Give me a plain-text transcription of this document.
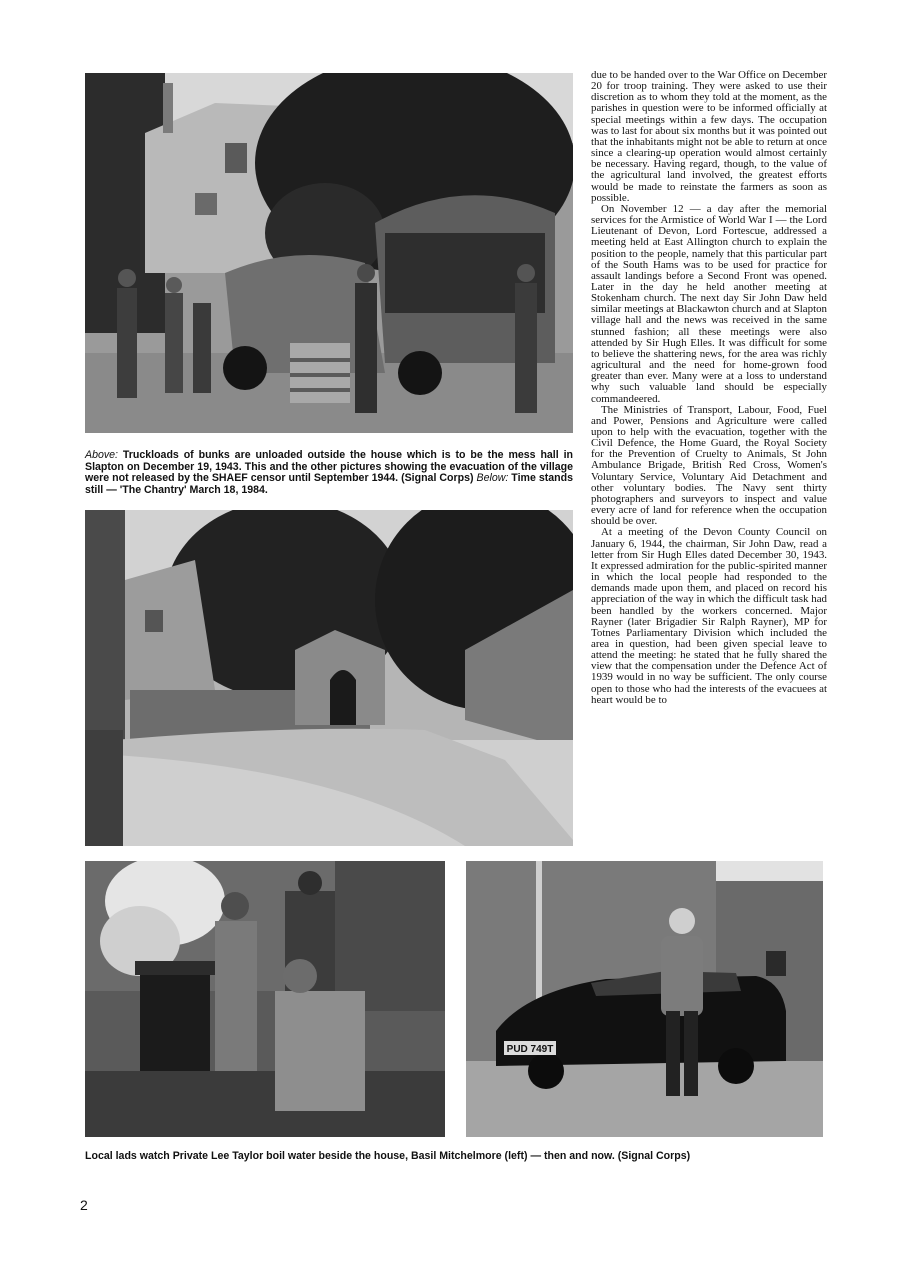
Above: Truckloads of bunks are unloaded outside the house which is to be the mess hall in Slapton on December 19, 1943. This and the other pictures showing the evacuation of the village were not released by the SHAEF censor until September 1944. (Signal Corps) Below: Time stands still — 'The Chantry' March 18, 1984.
PUD 749T

due to be handed over to the War Office on December 20 for troop training. They were asked to use their discretion as to whom they told at the moment, as the parishes in question were to be informed officially at special meetings within a few days. The occupation was to last for about six months but it was pointed out that the inhabitants might not be able to return at once since a clearing-up operation would almost certainly be necessary. Having regard, though, to the value of the agricultural land involved, the greatest efforts would be made to reinstate the farmers as soon as possible.

On November 12 — a day after the memorial services for the Armistice of World War I — the Lord Lieutenant of Devon, Lord Fortescue, addressed a meeting held at East Allington church to explain the position to the people, namely that this particular part of the South Hams was to be used for practice for assault landings before a Second Front was opened. Later in the day he held another meeting at Stokenham church. The next day Sir John Daw held similar meetings at Blackawton church and at Slapton village hall and the news was received in the same stunned fashion; all these meetings were also attended by Sir Hugh Elles. It was difficult for some to believe the shattering news, for the area was richly agricultural and the need for home-grown food greater than ever. Many were at a loss to understand why such valuable land should be especially commandeered.

The Ministries of Transport, Labour, Food, Fuel and Power, Pensions and Agriculture were called upon to help with the evacuation, together with the Civil Defence, the Home Guard, the Royal Society for the Prevention of Cruelty to Animals, St John Ambulance Brigade, British Red Cross, Women's Voluntary Service, Voluntary Aid Detachment and other voluntary bodies. The Navy sent thirty photographers and surveyors to inspect and value every acre of land for reference when the occupation should be over.

At a meeting of the Devon County Council on January 6, 1944, the chairman, Sir John Daw, read a letter from Sir Hugh Elles dated December 30, 1943. It expressed admiration for the public-spirited manner in which the local people had responded to the demands made upon them, and placed on record his appreciation of the way in which the difficult task had been handled by the workers concerned. Major Rayner (later Brigadier Sir Ralph Rayner), MP for Totnes Parliamentary Division which included the area in question, had been given special leave to attend the meeting: he stated that he fully shared the view that the compensation under the Defence Act of 1939 would in no way be sufficient. The only course open to those who had the interests of the evacuees at heart would be to

Local lads watch Private Lee Taylor boil water beside the house, Basil Mitchelmore (left) — then and now. (Signal Corps)
2
